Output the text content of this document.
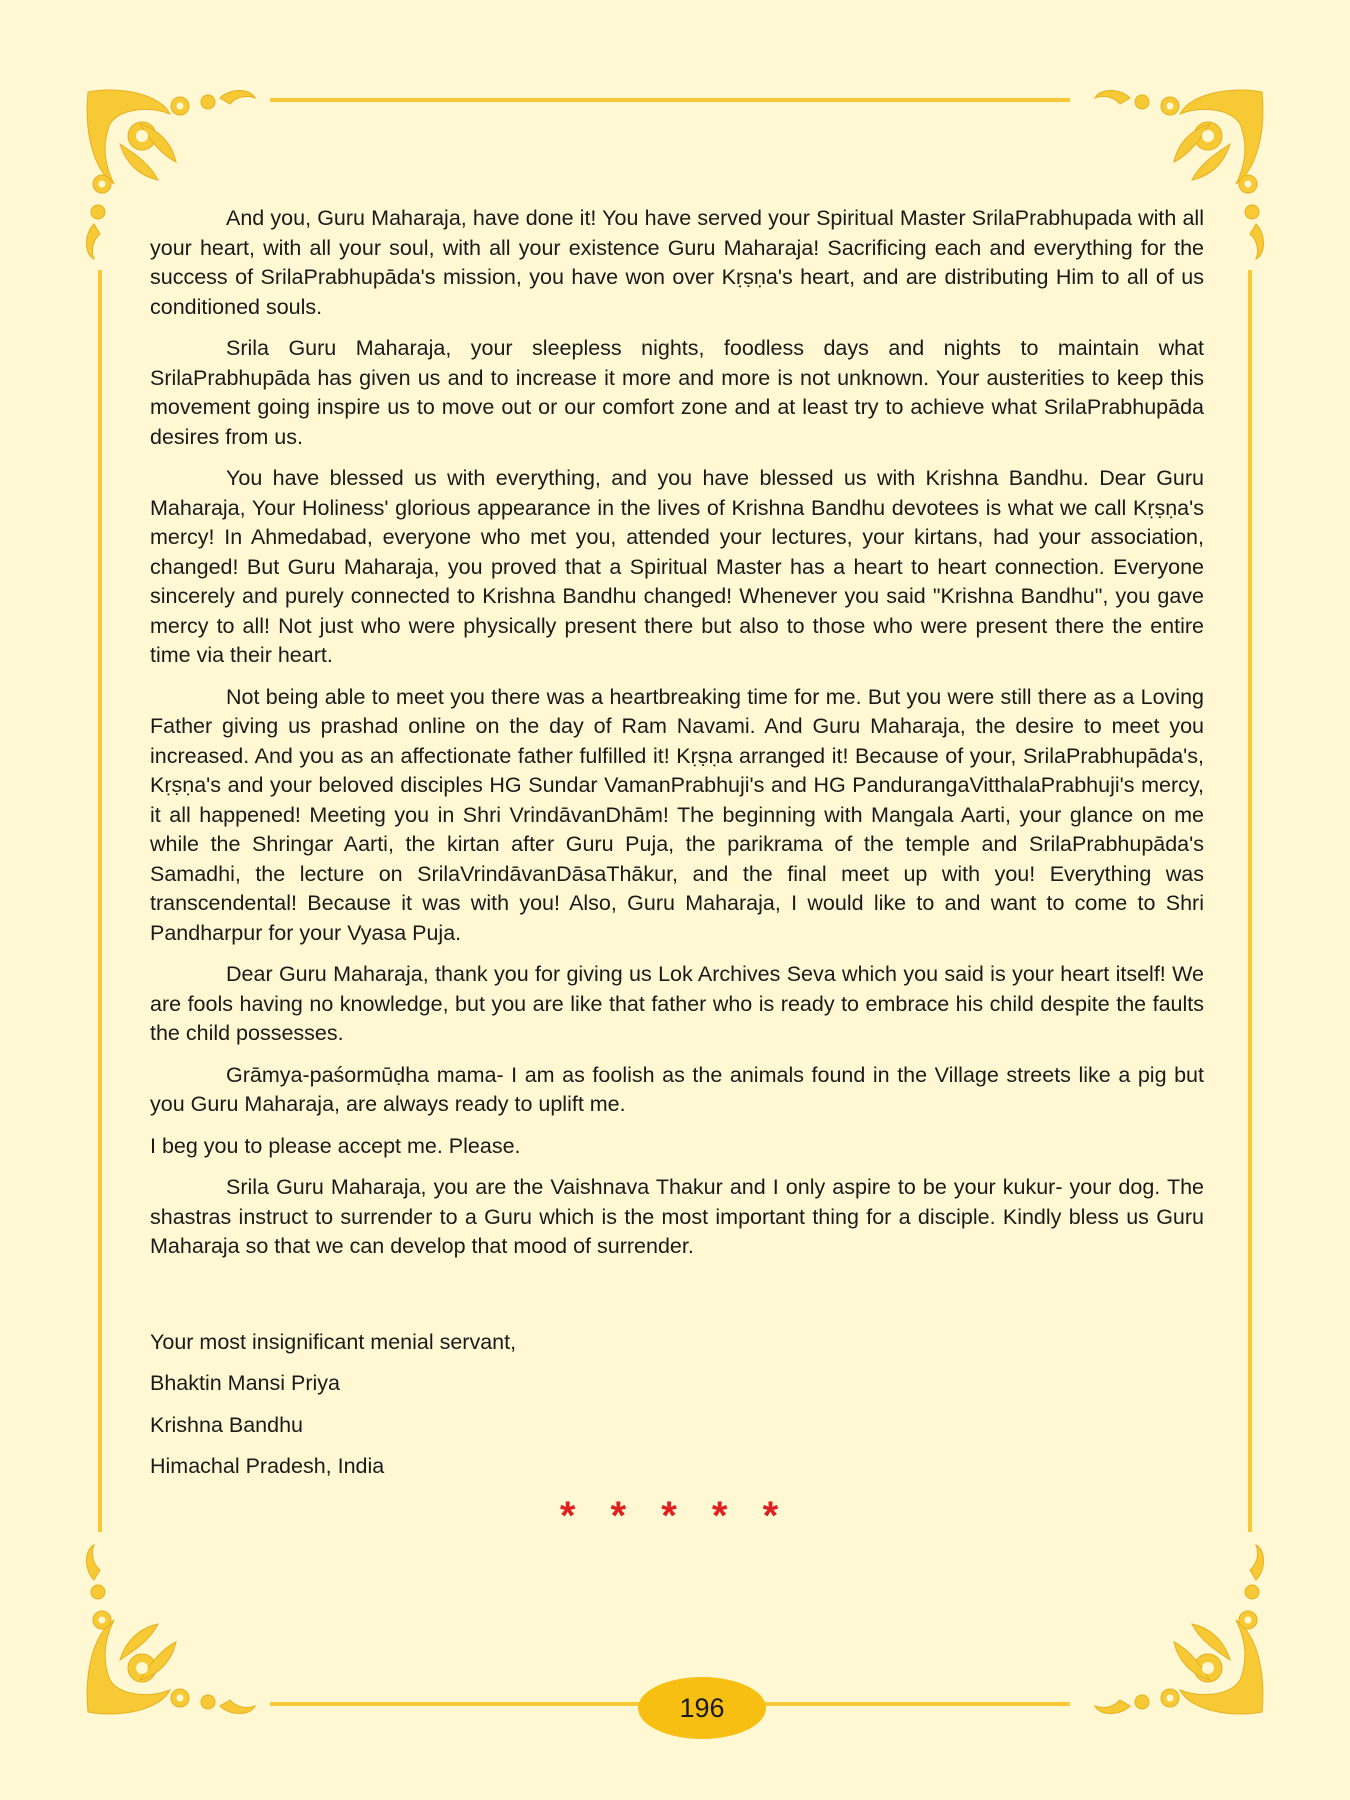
And you, Guru Maharaja, have done it! You have served your Spiritual Master SrilaPrabhupada with all your heart, with all your soul, with all your existence Guru Maharaja! Sacrificing each and everything for the success of SrilaPrabhupāda's mission, you have won over Kṛṣṇa's heart, and are distributing Him to all of us conditioned souls.

Srila Guru Maharaja, your sleepless nights, foodless days and nights to maintain what SrilaPrabhupāda has given us and to increase it more and more is not unknown. Your austerities to keep this movement going inspire us to move out or our comfort zone and at least try to achieve what SrilaPrabhupāda desires from us.

You have blessed us with everything, and you have blessed us with Krishna Bandhu. Dear Guru Maharaja, Your Holiness' glorious appearance in the lives of Krishna Bandhu devotees is what we call Kṛṣṇa's mercy! In Ahmedabad, everyone who met you, attended your lectures, your kirtans, had your association, changed! But Guru Maharaja, you proved that a Spiritual Master has a heart to heart connection. Everyone sincerely and purely connected to Krishna Bandhu changed! Whenever you said "Krishna Bandhu", you gave mercy to all! Not just who were physically present there but also to those who were present there the entire time via their heart.

Not being able to meet you there was a heartbreaking time for me. But you were still there as a Loving Father giving us prashad online on the day of Ram Navami. And Guru Maharaja, the desire to meet you increased. And you as an affectionate father fulfilled it! Kṛṣṇa arranged it! Because of your, SrilaPrabhupāda's, Kṛṣṇa's and your beloved disciples HG Sundar VamanPrabhuji's and HG PandurangaVitthalaPrabhuji's mercy, it all happened! Meeting you in Shri VrindāvanDhām! The beginning with Mangala Aarti, your glance on me while the Shringar Aarti, the kirtan after Guru Puja, the parikrama of the temple and SrilaPrabhupāda's Samadhi, the lecture on SrilaVrindāvanDāsaThākur, and the final meet up with you! Everything was transcendental! Because it was with you! Also, Guru Maharaja, I would like to and want to come to Shri Pandharpur for your Vyasa Puja.

Dear Guru Maharaja, thank you for giving us Lok Archives Seva which you said is your heart itself! We are fools having no knowledge, but you are like that father who is ready to embrace his child despite the faults the child possesses.

Grāmya-paśormūḍha mama- I am as foolish as the animals found in the Village streets like a pig but you Guru Maharaja, are always ready to uplift me.

I beg you to please accept me. Please.

Srila Guru Maharaja, you are the Vaishnava Thakur and I only aspire to be your kukur- your dog. The shastras instruct to surrender to a Guru which is the most important thing for a disciple. Kindly bless us Guru Maharaja so that we can develop that mood of surrender.

Your most insignificant menial servant,

Bhaktin Mansi Priya

Krishna Bandhu

Himachal Pradesh, India

* * * * *
196
